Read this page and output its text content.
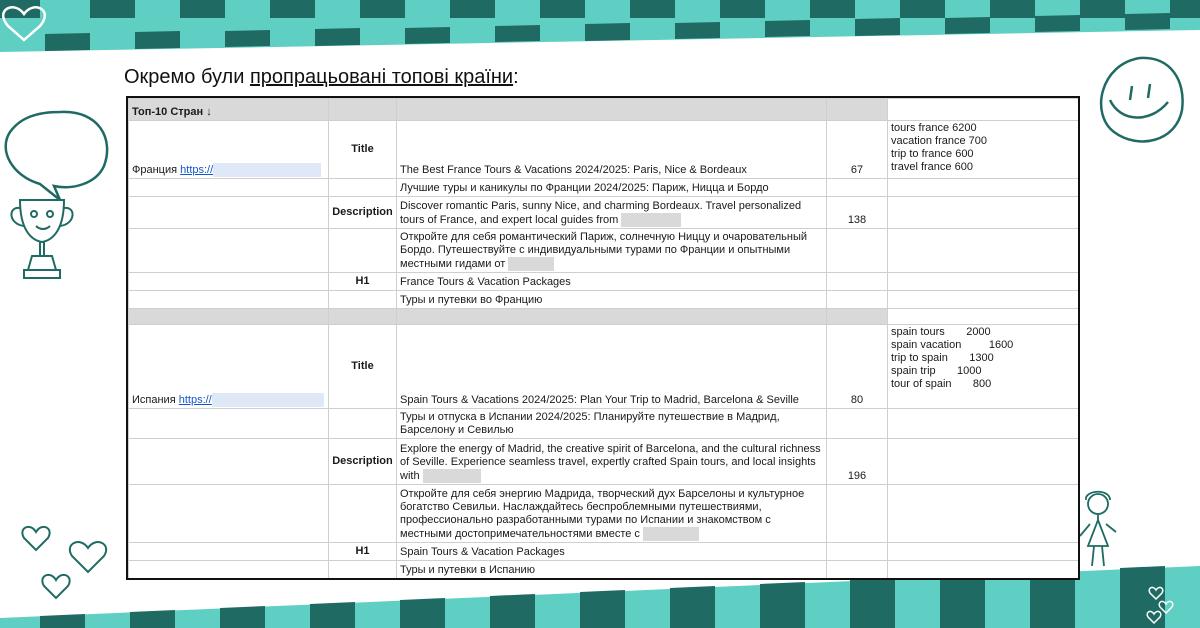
Окремо були пропрацьовані топові країни:
Топ-10 Стран ↓				
Франция https://	Title	The Best France Tours & Vacations 2024/2025: Paris, Nice & Bordeaux	67	tours france 6200
vacation france 700
trip to france 600
travel france 600
		Лучшие туры и каникулы по Франции 2024/2025: Париж, Ницца и Бордо		
	Description	Discover romantic Paris, sunny Nice, and charming Bordeaux. Travel personalized tours of France, and expert local guides from	138	
		Откройте для себя романтический Париж, солнечную Ниццу и очаровательный Бордо. Путешествуйте с индивидуальными турами по Франции и опытными местными гидами от		
	H1	France Tours & Vacation Packages		
		Туры и путевки во Францию		

Испания https://	Title	Spain Tours & Vacations 2024/2025: Plan Your Trip to Madrid, Barcelona & Seville	80	spain tours       2000
spain vacation         1600
trip to spain       1300
spain trip       1000
tour of spain       800
		Туры и отпуска в Испании 2024/2025: Планируйте путешествие в Мадрид, Барселону и Севилью		
	Description	Explore the energy of Madrid, the creative spirit of Barcelona, and the cultural richness of Seville. Experience seamless travel, expertly crafted Spain tours, and local insights with	196	
		Откройте для себя энергию Мадрида, творческий дух Барселоны и культурное богатство Севильи. Наслаждайтесь беспроблемными путешествиями, профессионально разработанными турами по Испании и знакомством с местными достопримечательностями вместе с		
	H1	Spain Tours & Vacation Packages		
		Туры и путевки в Испанию		
